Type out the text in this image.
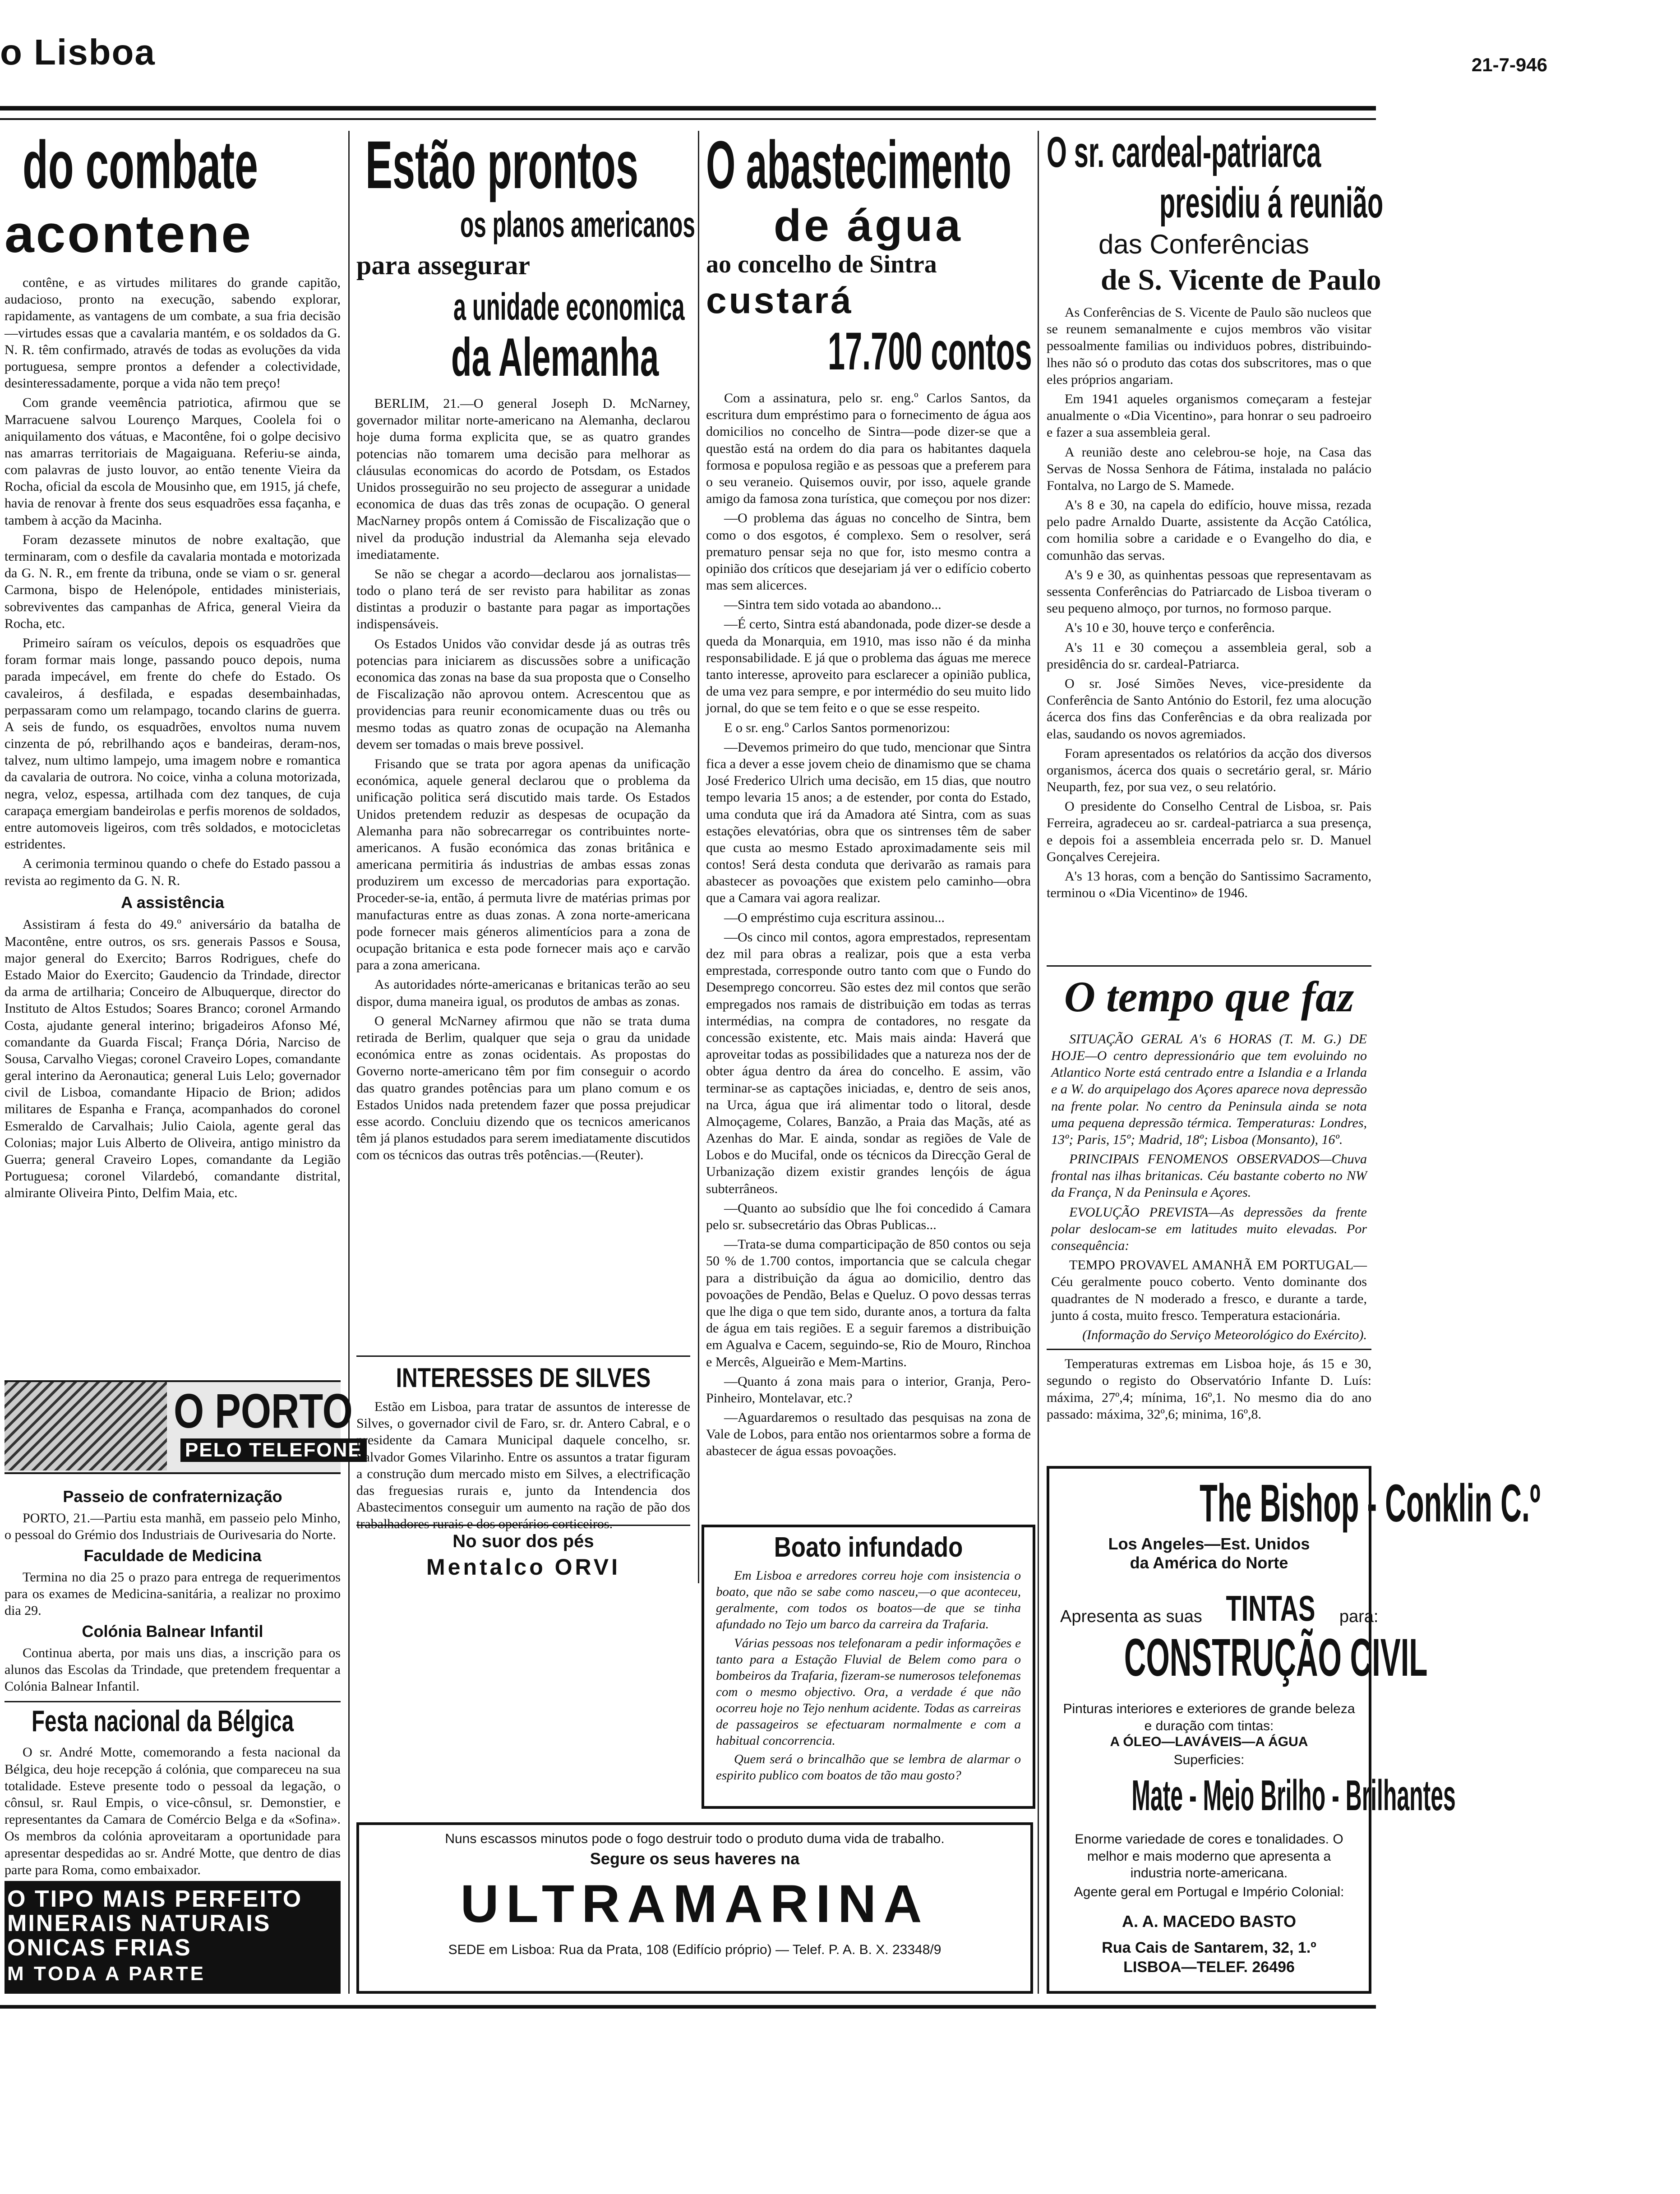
o Lisboa	21-7-946
do combate
acontene

contêne, e as virtudes militares do grande capitão, audacioso, pronto na execução, sabendo explorar, rapidamente, as vantagens de um combate, a sua fria decisão—virtudes essas que a cavalaria mantém, e os soldados da G. N. R. têm confirmado, através de todas as evoluções da vida portuguesa, sempre prontos a defender a colectividade, desinteressadamente, porque a vida não tem preço!

Com grande veemência patriotica, afirmou que se Marracuene salvou Lourenço Marques, Coolela foi o aniquilamento dos vátuas, e Macontêne, foi o golpe decisivo nas amarras territoriais de Magaiguana. Referiu-se ainda, com palavras de justo louvor, ao então tenente Vieira da Rocha, oficial da escola de Mousinho que, em 1915, já chefe, havia de renovar à frente dos seus esquadrões essa façanha, e tambem à acção da Macinha.

Foram dezassete minutos de nobre exaltação, que terminaram, com o desfile da cavalaria montada e motorizada da G. N. R., em frente da tribuna, onde se viam o sr. general Carmona, bispo de Helenópole, entidades ministeriais, sobreviventes das campanhas de Africa, general Vieira da Rocha, etc.

Primeiro saíram os veículos, depois os esquadrões que foram formar mais longe, passando pouco depois, numa parada impecável, em frente do chefe do Estado. Os cavaleiros, á desfilada, e espadas desembainhadas, perpassaram como um relampago, tocando clarins de guerra. A seis de fundo, os esquadrões, envoltos numa nuvem cinzenta de pó, rebrilhando aços e bandeiras, deram-nos, talvez, num ultimo lampejo, uma imagem nobre e romantica da cavalaria de outrora. No coice, vinha a coluna motorizada, negra, veloz, espessa, artilhada com dez tanques, de cuja carapaça emergiam bandeirolas e perfis morenos de soldados, entre automoveis ligeiros, com três soldados, e motocicletas estridentes.

A cerimonia terminou quando o chefe do Estado passou a revista ao regimento da G. N. R.

A assistência

Assistiram á festa do 49.º aniversário da batalha de Macontêne, entre outros, os srs. generais Passos e Sousa, major general do Exercito; Barros Rodrigues, chefe do Estado Maior do Exercito; Gaudencio da Trindade, director da arma de artilharia; Conceiro de Albuquerque, director do Instituto de Altos Estudos; Soares Branco; coronel Armando Costa, ajudante general interino; brigadeiros Afonso Mé, comandante da Guarda Fiscal; França Dória, Narciso de Sousa, Carvalho Viegas; coronel Craveiro Lopes, comandante geral interino da Aeronautica; general Luis Lelo; governador civil de Lisboa, comandante Hipacio de Brion; adidos militares de Espanha e França, acompanhados do coronel Esmeraldo de Carvalhais; Julio Caiola, agente geral das Colonias; major Luis Alberto de Oliveira, antigo ministro da Guerra; general Craveiro Lopes, comandante da Legião Portuguesa; coronel Vilardebó, comandante distrital, almirante Oliveira Pinto, Delfim Maia, etc.

O PORTO
PELO TELEFONE
Passeio de confraternização

PORTO, 21.—Partiu esta manhã, em passeio pelo Minho, o pessoal do Grémio dos Industriais de Ourivesaria do Norte.

Faculdade de Medicina

Termina no dia 25 o prazo para entrega de requerimentos para os exames de Medicina-sanitária, a realizar no proximo dia 29.

Colónia Balnear Infantil

Continua aberta, por mais uns dias, a inscrição para os alunos das Escolas da Trindade, que pretendem frequentar a Colónia Balnear Infantil.

Festa nacional da Bélgica

O sr. André Motte, comemorando a festa nacional da Bélgica, deu hoje recepção á colónia, que compareceu na sua totalidade. Esteve presente todo o pessoal da legação, o cônsul, sr. Raul Empis, o vice-cônsul, sr. Demonstier, e representantes da Camara de Comércio Belga e da «Sofina». Os membros da colónia aproveitaram a oportunidade para apresentar despedidas ao sr. André Motte, que dentro de dias parte para Roma, como embaixador.

O TIPO MAIS PERFEITO
MINERAIS NATURAIS
ONICAS FRIAS
M TODA A PARTE
Estão prontos
os planos americanos
para assegurar
a unidade economica
da Alemanha

BERLIM, 21.—O general Joseph D. McNarney, governador militar norte-americano na Alemanha, declarou hoje duma forma explicita que, se as quatro grandes potencias não tomarem uma decisão para melhorar as cláusulas economicas do acordo de Potsdam, os Estados Unidos prosseguirão no seu projecto de assegurar a unidade economica de duas das três zonas de ocupação. O general MacNarney propôs ontem á Comissão de Fiscalização que o nivel da produção industrial da Alemanha seja elevado imediatamente.

Se não se chegar a acordo—declarou aos jornalistas—todo o plano terá de ser revisto para habilitar as zonas distintas a produzir o bastante para pagar as importações indispensáveis.

Os Estados Unidos vão convidar desde já as outras três potencias para iniciarem as discussões sobre a unificação economica das zonas na base da sua proposta que o Conselho de Fiscalização não aprovou ontem. Acrescentou que as providencias para reunir economicamente duas ou três ou mesmo todas as quatro zonas de ocupação na Alemanha devem ser tomadas o mais breve possivel.

Frisando que se trata por agora apenas da unificação económica, aquele general declarou que o problema da unificação politica será discutido mais tarde. Os Estados Unidos pretendem reduzir as despesas de ocupação da Alemanha para não sobrecarregar os contribuintes norte-americanos. A fusão económica das zonas britânica e americana permitiria ás industrias de ambas essas zonas produzirem um excesso de mercadorias para exportação. Proceder-se-ia, então, á permuta livre de matérias primas por manufacturas entre as duas zonas. A zona norte-americana pode fornecer mais géneros alimentícios para a zona de ocupação britanica e esta pode fornecer mais aço e carvão para a zona americana.

As autoridades nórte-americanas e britanicas terão ao seu dispor, duma maneira igual, os produtos de ambas as zonas.

O general McNarney afirmou que não se trata duma retirada de Berlim, qualquer que seja o grau da unidade económica entre as zonas ocidentais. As propostas do Governo norte-americano têm por fim conseguir o acordo das quatro grandes potências para um plano comum e os Estados Unidos nada pretendem fazer que possa prejudicar esse acordo. Concluiu dizendo que os tecnicos americanos têm já planos estudados para serem imediatamente discutidos com os técnicos das outras três potências.—(Reuter).

INTERESSES DE SILVES

Estão em Lisboa, para tratar de assuntos de interesse de Silves, o governador civil de Faro, sr. dr. Antero Cabral, e o presidente da Camara Municipal daquele concelho, sr. Salvador Gomes Vilarinho. Entre os assuntos a tratar figuram a construção dum mercado misto em Silves, a electrificação das freguesias rurais e, junto da Intendencia dos Abastecimentos conseguir um aumento na ração de pão dos trabalhadores rurais e dos operários corticeiros.

No suor dos pés
Mentalco ORVI
O abastecimento
de água
ao concelho de Sintra
custará
17.700 contos

Com a assinatura, pelo sr. eng.º Carlos Santos, da escritura dum empréstimo para o fornecimento de água aos domicilios no concelho de Sintra—pode dizer-se que a questão está na ordem do dia para os habitantes daquela formosa e populosa região e as pessoas que a preferem para o seu veraneio. Quisemos ouvir, por isso, aquele grande amigo da famosa zona turística, que começou por nos dizer:

—O problema das águas no concelho de Sintra, bem como o dos esgotos, é complexo. Sem o resolver, será prematuro pensar seja no que for, isto mesmo contra a opinião dos críticos que desejariam já ver o edifício coberto mas sem alicerces.

—Sintra tem sido votada ao abandono...

—É certo, Sintra está abandonada, pode dizer-se desde a queda da Monarquia, em 1910, mas isso não é da minha responsabilidade. E já que o problema das águas me merece tanto interesse, aproveito para esclarecer a opinião publica, de uma vez para sempre, e por intermédio do seu muito lido jornal, do que se tem feito e o que se esse respeito.

E o sr. eng.º Carlos Santos pormenorizou:

—Devemos primeiro do que tudo, mencionar que Sintra fica a dever a esse jovem cheio de dinamismo que se chama José Frederico Ulrich uma decisão, em 15 dias, que noutro tempo levaria 15 anos; a de estender, por conta do Estado, uma conduta que irá da Amadora até Sintra, com as suas estações elevatórias, obra que os sintrenses têm de saber que custa ao mesmo Estado aproximadamente seis mil contos! Será desta conduta que derivarão as ramais para abastecer as povoações que existem pelo caminho—obra que a Camara vai agora realizar.

—O empréstimo cuja escritura assinou...

—Os cinco mil contos, agora emprestados, representam dez mil para obras a realizar, pois que a esta verba emprestada, corresponde outro tanto com que o Fundo do Desemprego concorreu. São estes dez mil contos que serão empregados nos ramais de distribuição em todas as terras intermédias, na compra de contadores, no resgate da concessão existente, etc. Mais mais ainda: Haverá que aproveitar todas as possibilidades que a natureza nos der de obter água dentro da área do concelho. E assim, vão terminar-se as captações iniciadas, e, dentro de seis anos, na Urca, água que irá alimentar todo o litoral, desde Almoçageme, Colares, Banzão, a Praia das Maçãs, até as Azenhas do Mar. E ainda, sondar as regiões de Vale de Lobos e do Mucifal, onde os técnicos da Direcção Geral de Urbanização dizem existir grandes lençóis de água subterrâneos.

—Quanto ao subsídio que lhe foi concedido á Camara pelo sr. subsecretário das Obras Publicas...

—Trata-se duma comparticipação de 850 contos ou seja 50 % de 1.700 contos, importancia que se calcula chegar para a distribuição da água ao domicilio, dentro das povoações de Pendão, Belas e Queluz. O povo dessas terras que lhe diga o que tem sido, durante anos, a tortura da falta de água em tais regiões. E a seguir faremos a distribuição em Agualva e Cacem, seguindo-se, Rio de Mouro, Rinchoa e Mercês, Algueirão e Mem-Martins.

—Quanto á zona mais para o interior, Granja, Pero-Pinheiro, Montelavar, etc.?

—Aguardaremos o resultado das pesquisas na zona de Vale de Lobos, para então nos orientarmos sobre a forma de abastecer de água essas povoações.

Boato infundado

Em Lisboa e arredores correu hoje com insistencia o boato, que não se sabe como nasceu,—o que aconteceu, geralmente, com todos os boatos—de que se tinha afundado no Tejo um barco da carreira da Trafaria.

Várias pessoas nos telefonaram a pedir informações e tanto para a Estação Fluvial de Belem como para o bombeiros da Trafaria, fizeram-se numerosos telefonemas com o mesmo objectivo. Ora, a verdade é que não ocorreu hoje no Tejo nenhum acidente. Todas as carreiras de passageiros se efectuaram normalmente e com a habitual concorrencia.

Quem será o brincalhão que se lembra de alarmar o espirito publico com boatos de tão mau gosto?

O sr. cardeal-patriarca
presidiu á reunião
das Conferências
de S. Vicente de Paulo

As Conferências de S. Vicente de Paulo são nucleos que se reunem semanalmente e cujos membros vão visitar pessoalmente familias ou individuos pobres, distribuindo-lhes não só o produto das cotas dos subscritores, mas o que eles próprios angariam.

Em 1941 aqueles organismos começaram a festejar anualmente o «Dia Vicentino», para honrar o seu padroeiro e fazer a sua assembleia geral.

A reunião deste ano celebrou-se hoje, na Casa das Servas de Nossa Senhora de Fátima, instalada no palácio Fontalva, no Largo de S. Mamede.

A's 8 e 30, na capela do edifício, houve missa, rezada pelo padre Arnaldo Duarte, assistente da Acção Católica, com homilia sobre a caridade e o Evangelho do dia, e comunhão das servas.

A's 9 e 30, as quinhentas pessoas que representavam as sessenta Conferências do Patriarcado de Lisboa tiveram o seu pequeno almoço, por turnos, no formoso parque.

A's 10 e 30, houve terço e conferência.

A's 11 e 30 começou a assembleia geral, sob a presidência do sr. cardeal-Patriarca.

O sr. José Simões Neves, vice-presidente da Conferência de Santo António do Estoril, fez uma alocução ácerca dos fins das Conferências e da obra realizada por elas, saudando os novos agremiados.

Foram apresentados os relatórios da acção dos diversos organismos, ácerca dos quais o secretário geral, sr. Mário Neuparth, fez, por sua vez, o seu relatório.

O presidente do Conselho Central de Lisboa, sr. Pais Ferreira, agradeceu ao sr. cardeal-patriarca a sua presença, e depois foi a assembleia encerrada pelo sr. D. Manuel Gonçalves Cerejeira.

A's 13 horas, com a benção do Santissimo Sacramento, terminou o «Dia Vicentino» de 1946.

O tempo que faz

SITUAÇÃO GERAL A's 6 HORAS (T. M. G.) DE HOJE—O centro depressionário que tem evoluindo no Atlantico Norte está centrado entre a Islandia e a Irlanda e a W. do arquipelago dos Açores aparece nova depressão na frente polar. No centro da Peninsula ainda se nota uma pequena depressão térmica. Temperaturas: Londres, 13º; Paris, 15º; Madrid, 18º; Lisboa (Monsanto), 16º.

PRINCIPAIS FENOMENOS OBSERVADOS—Chuva frontal nas ilhas britanicas. Céu bastante coberto no NW da França, N da Peninsula e Açores.

EVOLUÇÃO PREVISTA—As depressões da frente polar deslocam-se em latitudes muito elevadas. Por consequência:

TEMPO PROVAVEL AMANHÃ EM PORTUGAL—Céu geralmente pouco coberto. Vento dominante dos quadrantes de N moderado a fresco, e durante a tarde, junto á costa, muito fresco. Temperatura estacionária.

(Informação do Serviço Meteorológico do Exército).

Temperaturas extremas em Lisboa hoje, ás 15 e 30, segundo o registo do Observatório Infante D. Luís: máxima, 27º,4; mínima, 16º,1. No mesmo dia do ano passado: máxima, 32º,6; minima, 16º,8.

The Bishop - Conklin C.º
Los Angeles—Est. Unidos
da América do Norte
Apresenta as suas TINTAS para:
CONSTRUÇÃO CIVIL
Pinturas interiores e exteriores de grande beleza e duração com tintas:
A ÓLEO—LAVÁVEIS—A ÁGUA
Superficies:
Mate - Meio Brilho - Brilhantes
Enorme variedade de cores e tonalidades. O melhor e mais moderno que apresenta a industria norte-americana.
Agente geral em Portugal e Império Colonial:
A. A. MACEDO BASTO
Rua Cais de Santarem, 32, 1.º
LISBOA—TELEF. 26496
Nuns escassos minutos pode o fogo destruir todo o produto duma vida de trabalho.
Segure os seus haveres na
ULTRAMARINA
SEDE em Lisboa: Rua da Prata, 108 (Edifício próprio) — Telef. P. A. B. X. 23348/9
